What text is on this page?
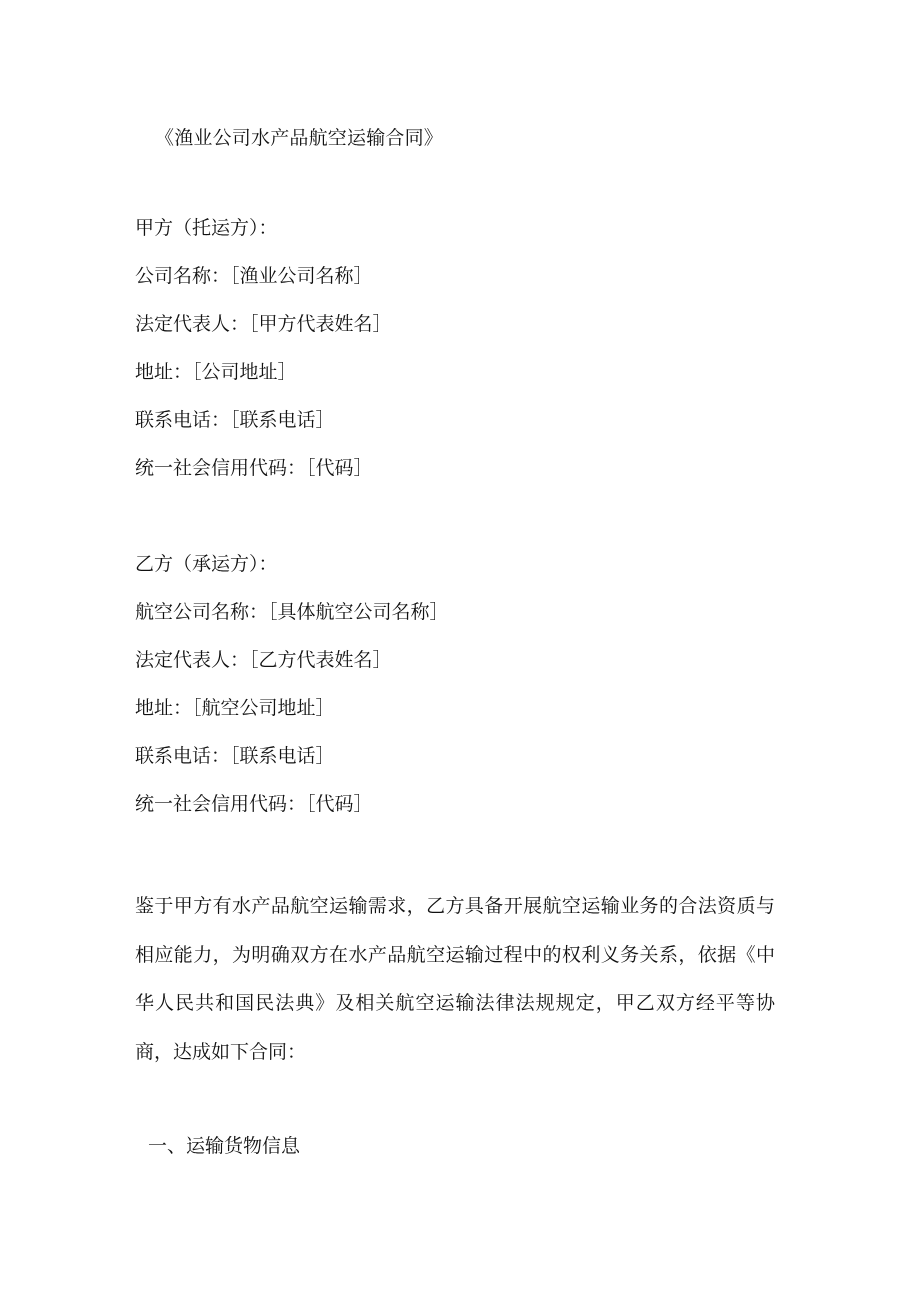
《渔业公司水产品航空运输合同》
甲方（托运方）：
公司名称：［渔业公司名称］
法定代表人：［甲方代表姓名］
地址：［公司地址］
联系电话：［联系电话］
统一社会信用代码：［代码］
乙方（承运方）：
航空公司名称：［具体航空公司名称］
法定代表人：［乙方代表姓名］
地址：［航空公司地址］
联系电话：［联系电话］
统一社会信用代码：［代码］
鉴于甲方有水产品航空运输需求，乙方具备开展航空运输业务的合法资质与相应能力，为明确双方在水产品航空运输过程中的权利义务关系，依据《中华人民共和国民法典》及相关航空运输法律法规规定，甲乙双方经平等协商，达成如下合同：
一、运输货物信息
